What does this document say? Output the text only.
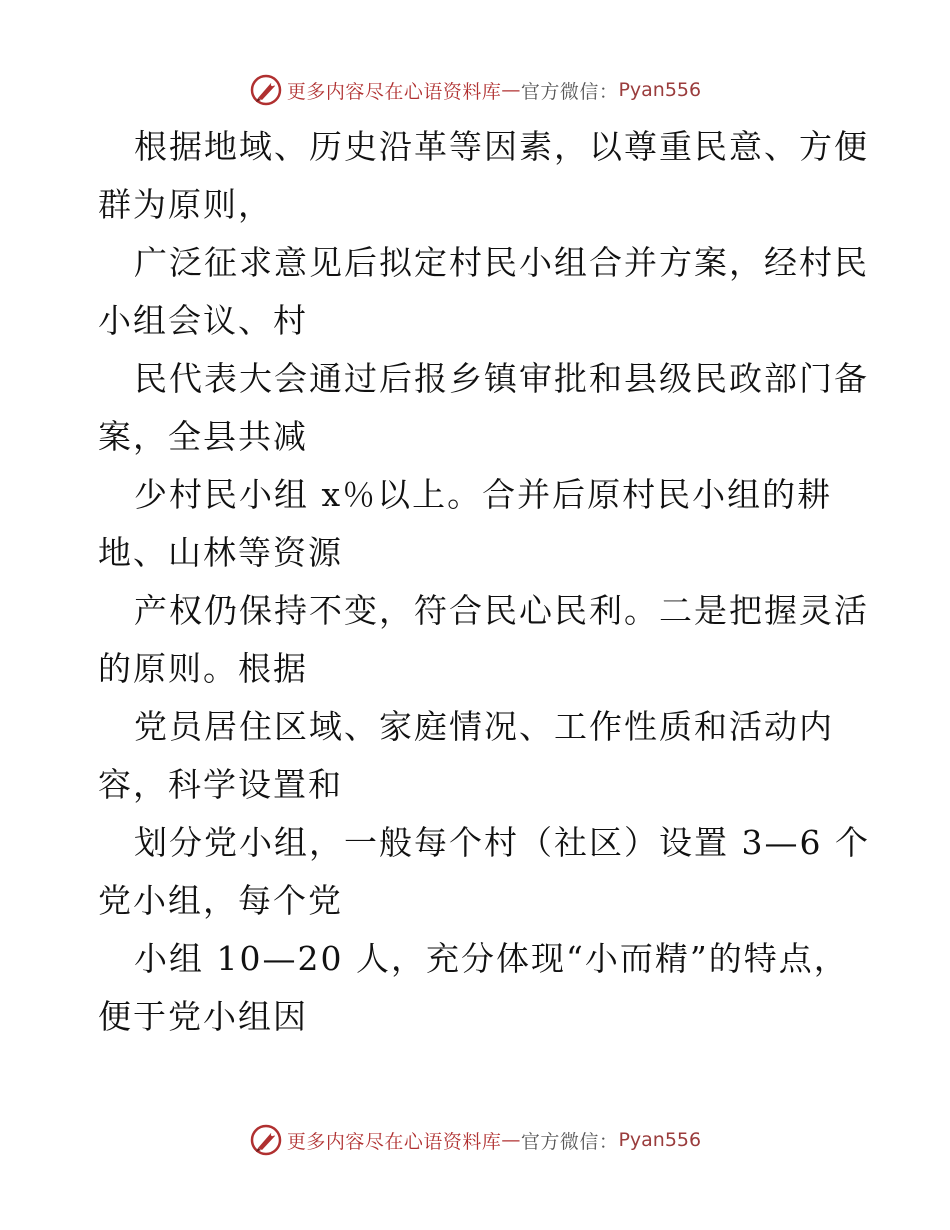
更多内容尽在心语资料库 — 官方微信： Pyan556

根据地域、历史沿革等因素，以尊重民意、方便
群为原则，

广泛征求意见后拟定村民小组合并方案，经村民
小组会议、村

民代表大会通过后报乡镇审批和县级民政部门备
案，全县共减

少村民小组 x％以上。合并后原村民小组的耕
地、山林等资源

产权仍保持不变，符合民心民利。二是把握灵活
的原则。根据

党员居住区域、家庭情况、工作性质和活动内
容，科学设置和

划分党小组，一般每个村（社区）设置 3—6 个
党小组，每个党

小组 10—20 人，充分体现“小而精”的特点，
便于党小组因

更多内容尽在心语资料库 — 官方微信： Pyan556
